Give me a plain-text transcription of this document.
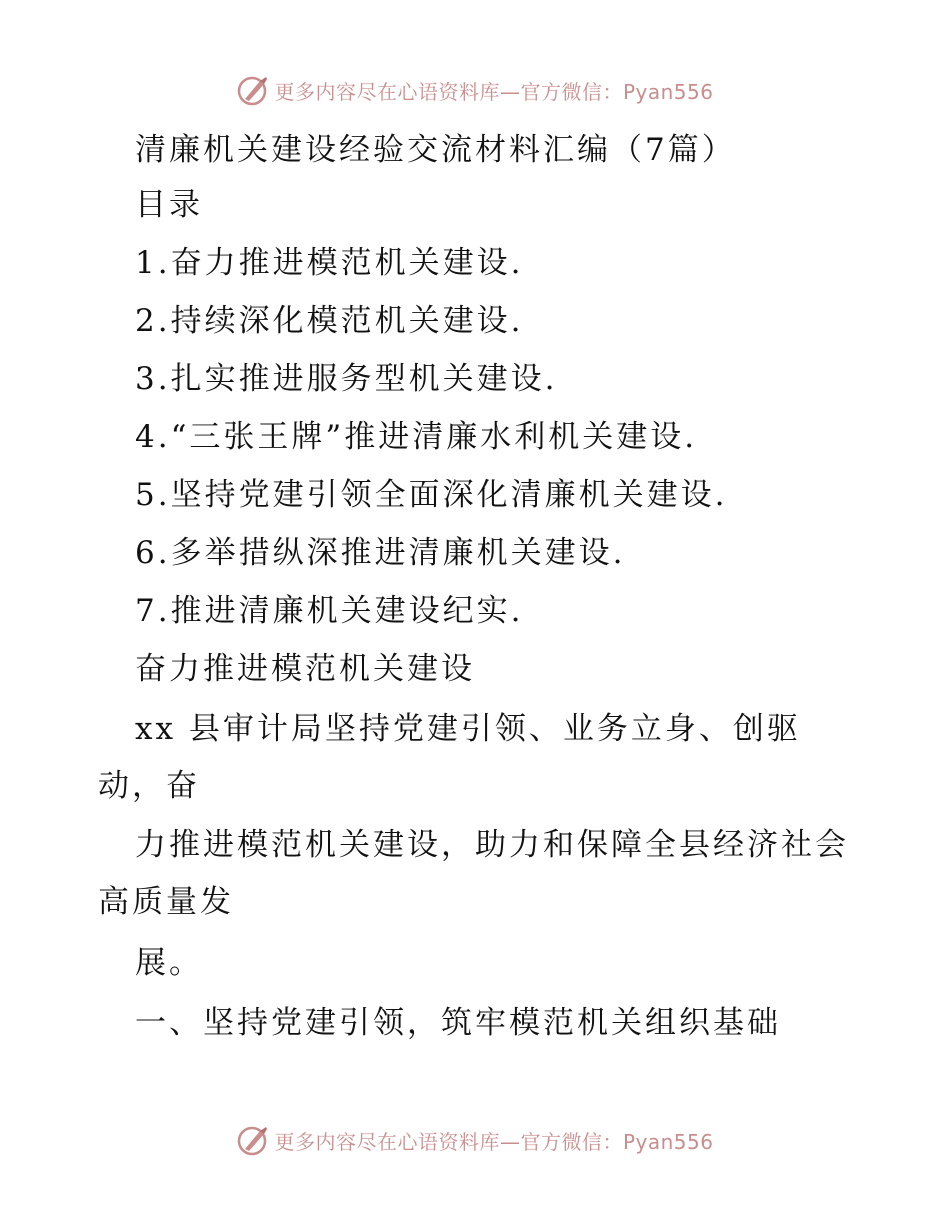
更多内容尽在心语资料库—官方微信：Pyan556
清廉机关建设经验交流材料汇编（7篇）
目录
1.奋力推进模范机关建设.
2.持续深化模范机关建设.
3.扎实推进服务型机关建设.
4.“三张王牌”推进清廉水利机关建设.
5.坚持党建引领全面深化清廉机关建设.
6.多举措纵深推进清廉机关建设.
7.推进清廉机关建设纪实.
奋力推进模范机关建设
xx 县审计局坚持党建引领、业务立身、创驱
动，奋
力推进模范机关建设，助力和保障全县经济社会
高质量发
展。
一、坚持党建引领，筑牢模范机关组织基础
更多内容尽在心语资料库—官方微信：Pyan556
